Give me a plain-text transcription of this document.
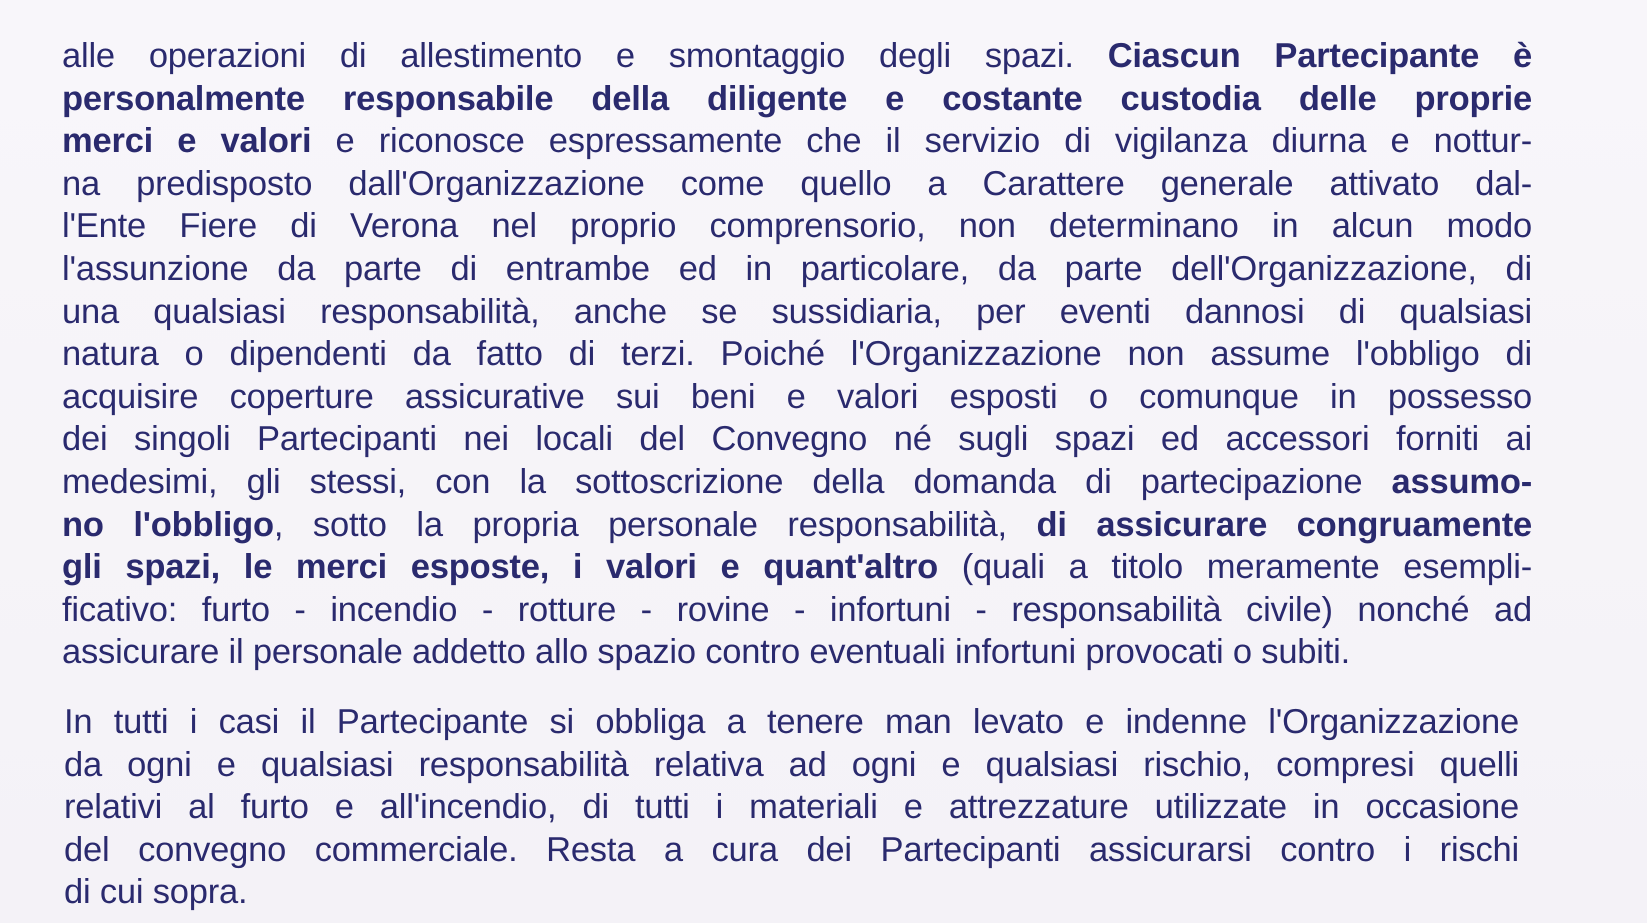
alle operazioni di allestimento e smontaggio degli spazi. Ciascun Partecipante è
personalmente responsabile della diligente e costante custodia delle proprie
merci e valori e riconosce espressamente che il servizio di vigilanza diurna e nottur-
na predisposto dall'Organizzazione come quello a Carattere generale attivato dal-
l'Ente Fiere di Verona nel proprio comprensorio, non determinano in alcun modo
l'assunzione da parte di entrambe ed in particolare, da parte dell'Organizzazione, di
una qualsiasi responsabilità, anche se sussidiaria, per eventi dannosi di qualsiasi
natura o dipendenti da fatto di terzi. Poiché l'Organizzazione non assume l'obbligo di
acquisire coperture assicurative sui beni e valori esposti o comunque in possesso
dei singoli Partecipanti nei locali del Convegno né sugli spazi ed accessori forniti ai
medesimi, gli stessi, con la sottoscrizione della domanda di partecipazione assumo-
no l'obbligo, sotto la propria personale responsabilità, di assicurare congruamente
gli spazi, le merci esposte, i valori e quant'altro (quali a titolo meramente esempli-
ficativo: furto - incendio - rotture - rovine - infortuni - responsabilità civile) nonché ad
assicurare il personale addetto allo spazio contro eventuali infortuni provocati o subiti.
In tutti i casi il Partecipante si obbliga a tenere man levato e indenne l'Organizzazione
da ogni e qualsiasi responsabilità relativa ad ogni e qualsiasi rischio, compresi quelli
relativi al furto e all'incendio, di tutti i materiali e attrezzature utilizzate in occasione
del convegno commerciale. Resta a cura dei Partecipanti assicurarsi contro i rischi
di cui sopra.
